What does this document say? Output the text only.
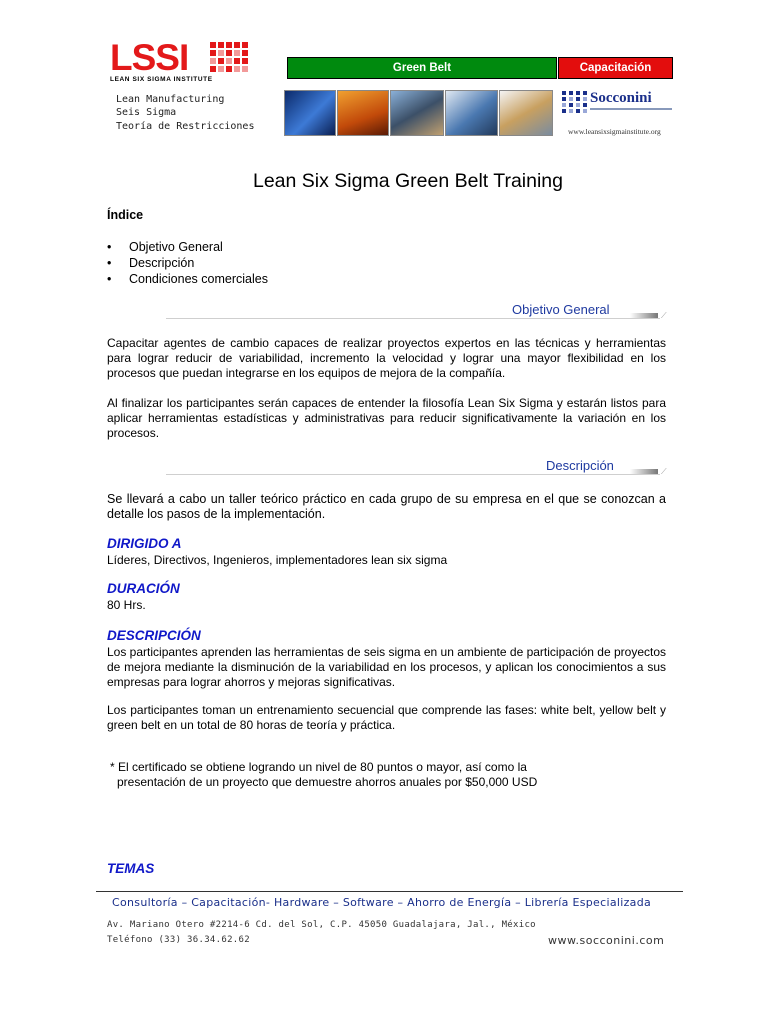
LSSI
LEAN SIX SIGMA INSTITUTE
Lean Manufacturing
Seis Sigma
Teoría de Restricciones
Green Belt	Capacitación
Socconini
www.leansixsigmainstitute.org
Lean Six Sigma Green Belt Training
Índice
• Objetivo General
• Descripción
• Condiciones comerciales
Objetivo General	⟋
Capacitar agentes de cambio capaces de realizar proyectos expertos en las técnicas y herramientas para lograr reducir de variabilidad, incremento la velocidad y lograr una mayor flexibilidad en los procesos que puedan integrarse en los equipos de mejora de la compañía.
Al finalizar los participantes serán capaces de entender la filosofía Lean Six Sigma y estarán listos para aplicar herramientas estadísticas y administrativas para reducir significativamente la variación en los procesos.
Descripción	⟋
Se llevará a cabo un taller teórico práctico en cada grupo de su empresa en el que se conozcan a detalle los pasos de la implementación.
DIRIGIDO A
Líderes, Directivos, Ingenieros, implementadores lean six sigma
DURACIÓN
80 Hrs.
DESCRIPCIÓN
Los participantes aprenden las herramientas de seis sigma en un ambiente de participación de proyectos de mejora mediante la disminución de la variabilidad en los procesos, y aplican los conocimientos a sus empresas para lograr ahorros y mejoras significativas.
Los participantes toman un entrenamiento secuencial que comprende las fases: white belt, yellow belt y green belt en un total de 80 horas de teoría y práctica.
* El certificado se obtiene logrando un nivel de 80 puntos o mayor, así como la
presentación de un proyecto que demuestre ahorros anuales por $50,000 USD
TEMAS
Consultoría – Capacitación- Hardware – Software – Ahorro de Energía – Librería Especializada
Av. Mariano Otero #2214-6 Cd. del Sol, C.P. 45050 Guadalajara, Jal., México
Teléfono (33) 36.34.62.62	www.socconini.com
